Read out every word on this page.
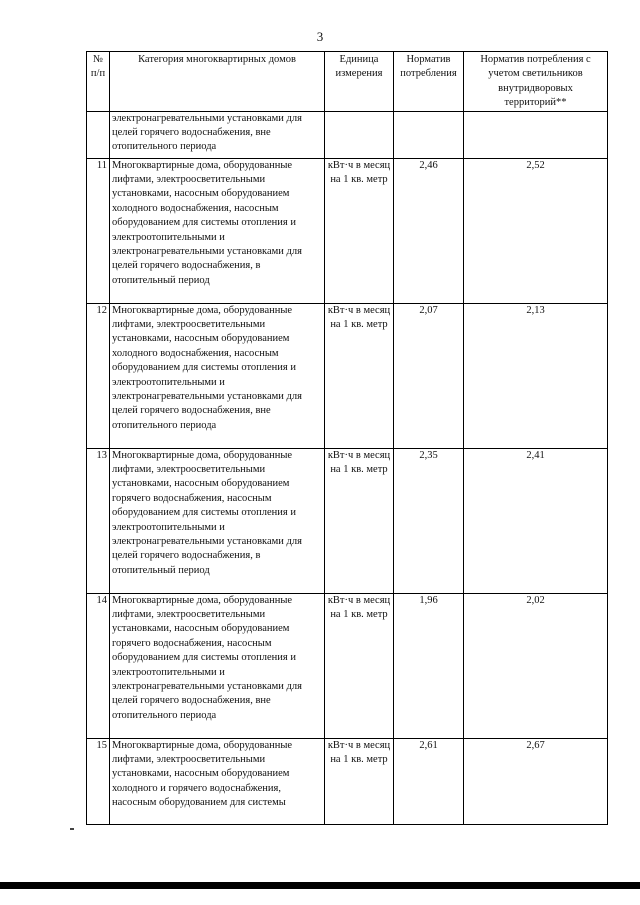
3
№ п/п	Категория многоквартирных домов	Единица измерения	Норматив потребления	Норматив потребления с учетом светильников внутридворовых территорий**
	электронагревательными установками для целей горячего водоснабжения, вне отопительного периода			
11	Многоквартирные дома, оборудованные лифтами, электроосветительными установками, насосным оборудованием холодного водоснабжения, насосным оборудованием для системы отопления и электроотопительными и электронагревательными установками для целей горячего водоснабжения, в отопительный период	кВт·ч в месяц на 1 кв. метр	2,46	2,52
12	Многоквартирные дома, оборудованные лифтами, электроосветительными установками, насосным оборудованием холодного водоснабжения, насосным оборудованием для системы отопления и электроотопительными и электронагревательными установками для целей горячего водоснабжения, вне отопительного периода	кВт·ч в месяц на 1 кв. метр	2,07	2,13
13	Многоквартирные дома, оборудованные лифтами, электроосветительными установками, насосным оборудованием горячего водоснабжения, насосным оборудованием для системы отопления и электроотопительными и электронагревательными установками для целей горячего водоснабжения, в отопительный период	кВт·ч в месяц на 1 кв. метр	2,35	2,41
14	Многоквартирные дома, оборудованные лифтами, электроосветительными установками, насосным оборудованием горячего водоснабжения, насосным оборудованием для системы отопления и электроотопительными и электронагревательными установками для целей горячего водоснабжения, вне отопительного периода	кВт·ч в месяц на 1 кв. метр	1,96	2,02
15	Многоквартирные дома, оборудованные лифтами, электроосветительными установками, насосным оборудованием холодного и горячего водоснабжения, насосным оборудованием для системы	кВт·ч в месяц на 1 кв. метр	2,61	2,67
